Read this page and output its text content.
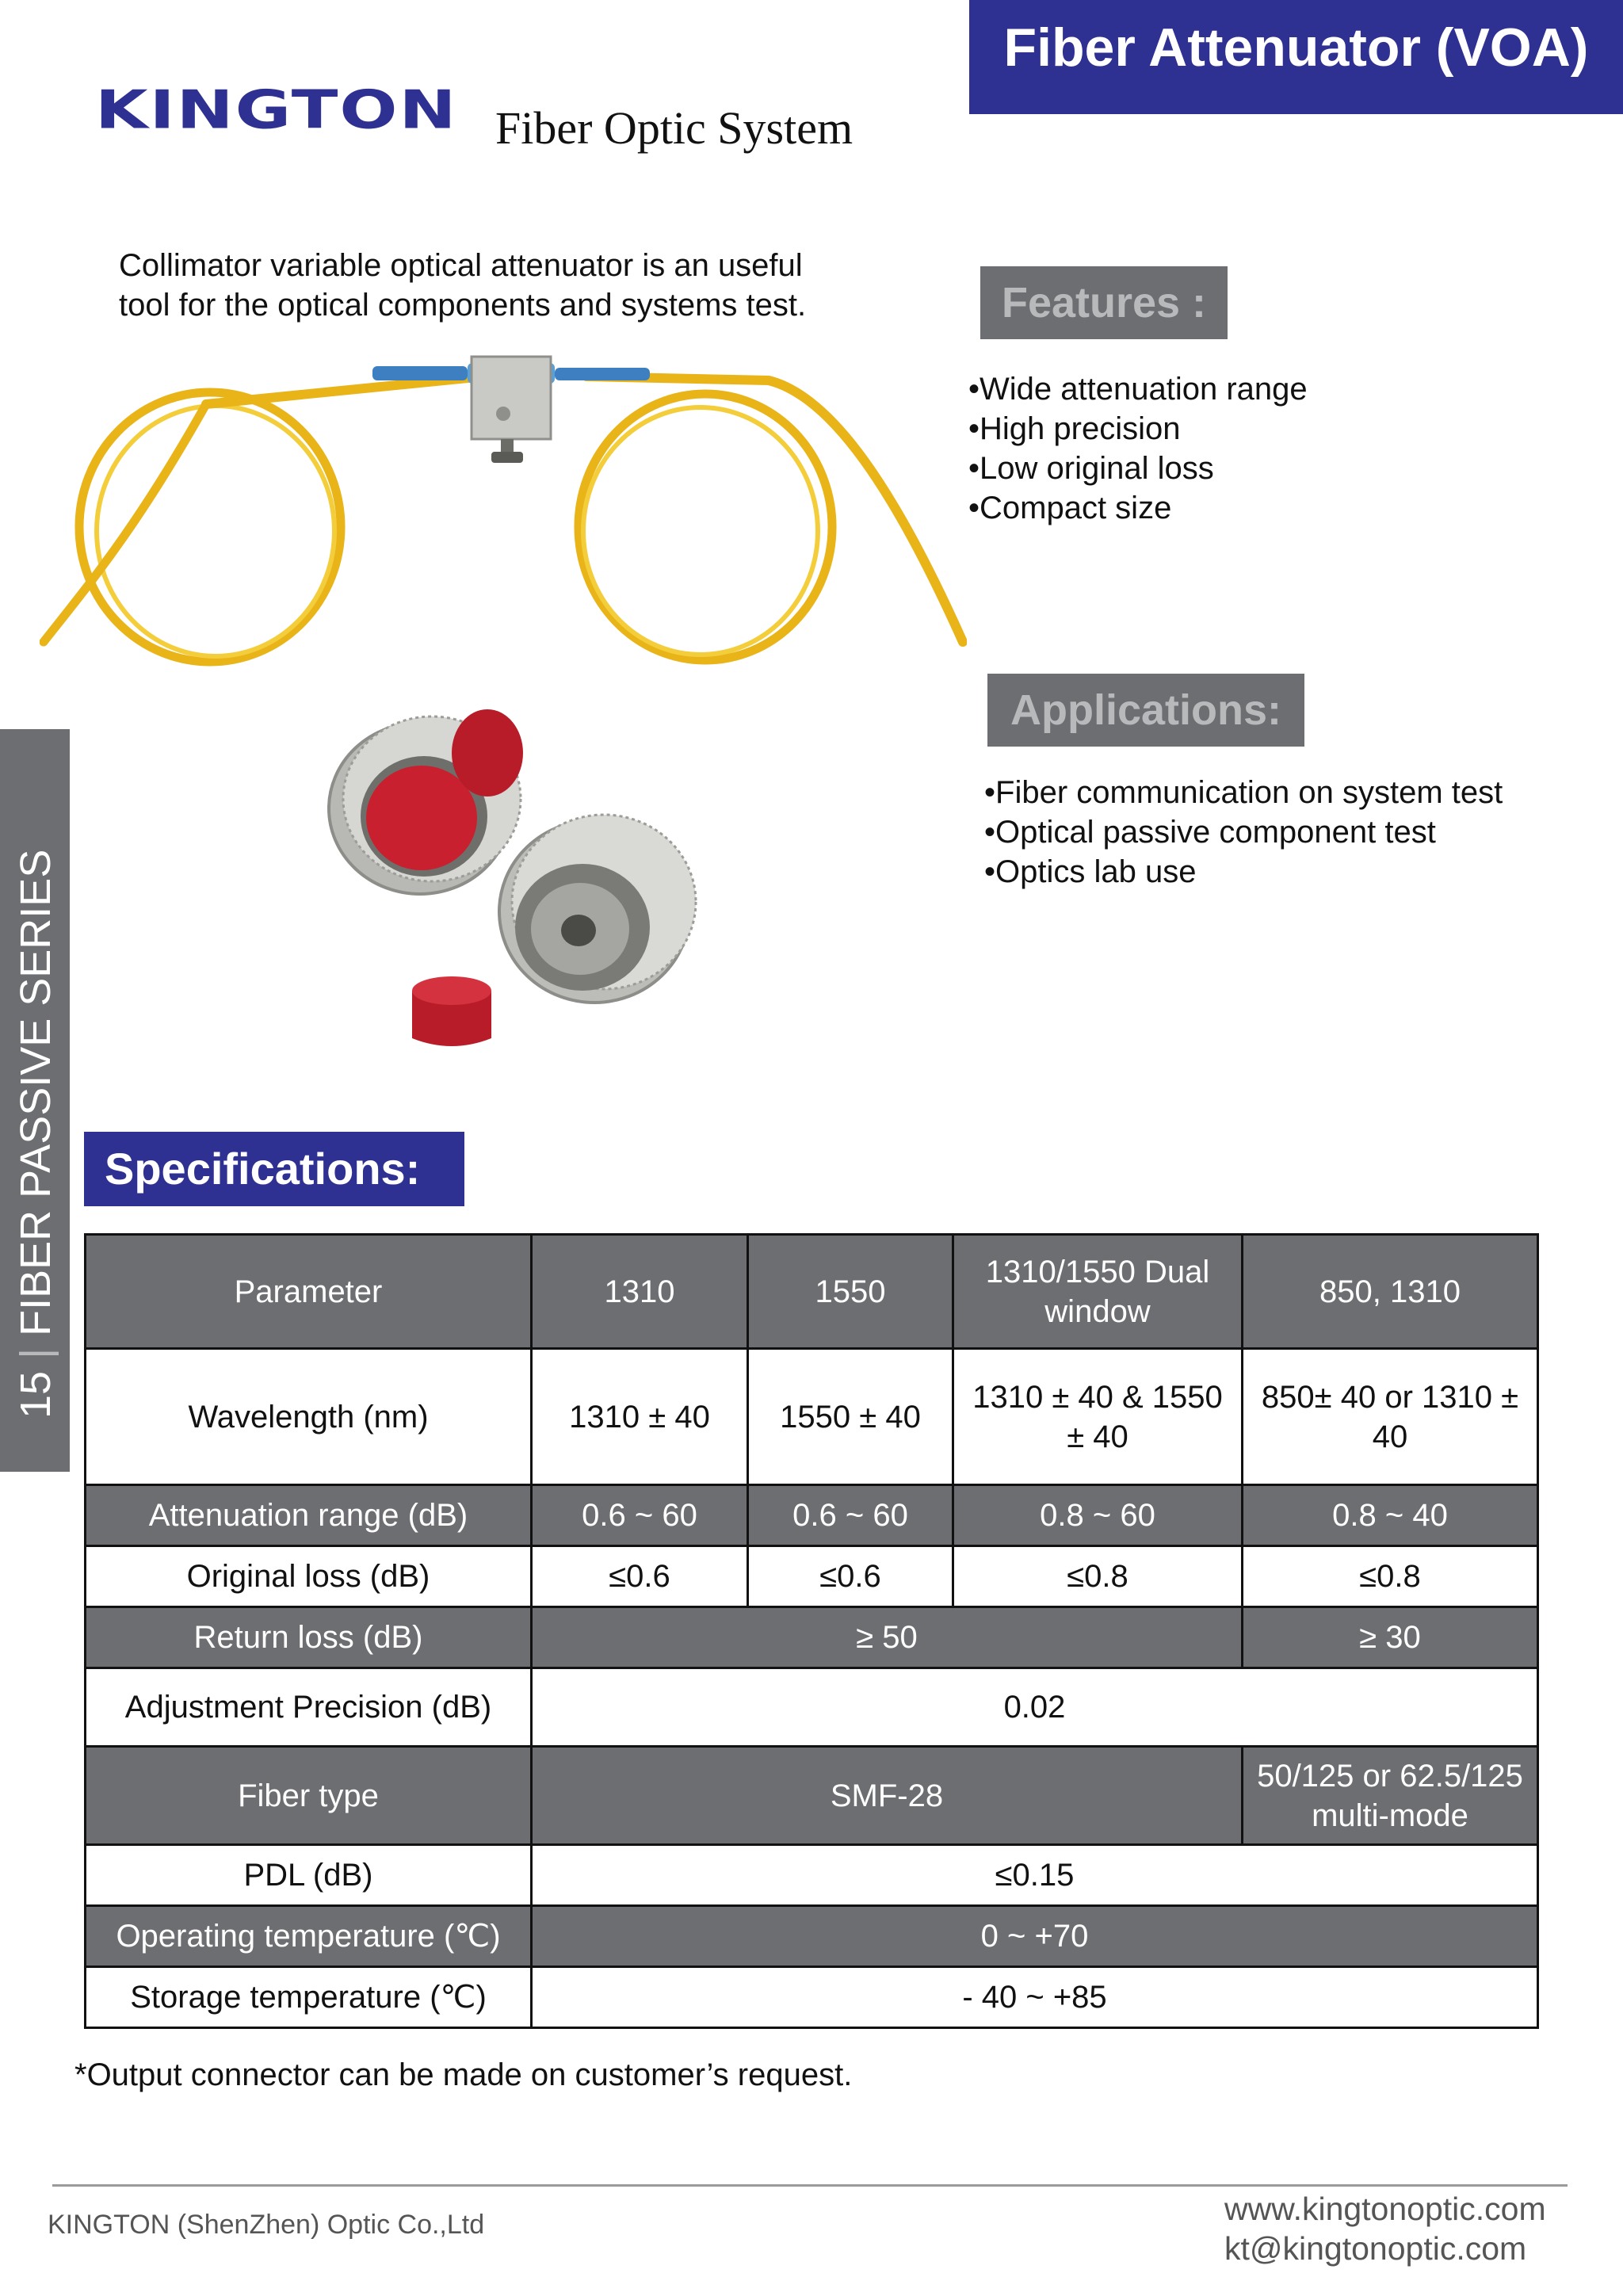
Fiber Attenuator (VOA)
KINGTON Fiber Optic System
Collimator variable optical attenuator is an useful
tool for the optical components and systems test.	Features :
•Wide attenuation range
•High precision
•Low original loss
•Compact size
Applications:
•Fiber communication on system test
•Optical passive component test
•Optics lab use
15 | FIBER PASSIVE SERIES	Specifications:
Parameter	1310	1550	1310/1550 Dual window	850, 1310
Wavelength (nm)	1310 ± 40	1550 ± 40	1310 ± 40 & 1550 ± 40	850± 40 or 1310 ± 40
Attenuation range (dB)	0.6 ~ 60	0.6 ~ 60	0.8 ~ 60	0.8 ~ 40
Original loss (dB)	≤0.6	≤0.6	≤0.8	≤0.8
Return loss (dB)	≥ 50			≥ 30
Adjustment Precision (dB)	0.02			
Fiber type	SMF-28			50/125 or 62.5/125 multi-mode
PDL (dB)	≤0.15			
Operating temperature (℃)	0 ~ +70			
Storage temperature (℃)	- 40 ~ +85			
*Output connector can be made on customer’s request.
KINGTON (ShenZhen) Optic Co.,Ltd	www.kingtonoptic.com
kt@kingtonoptic.com
